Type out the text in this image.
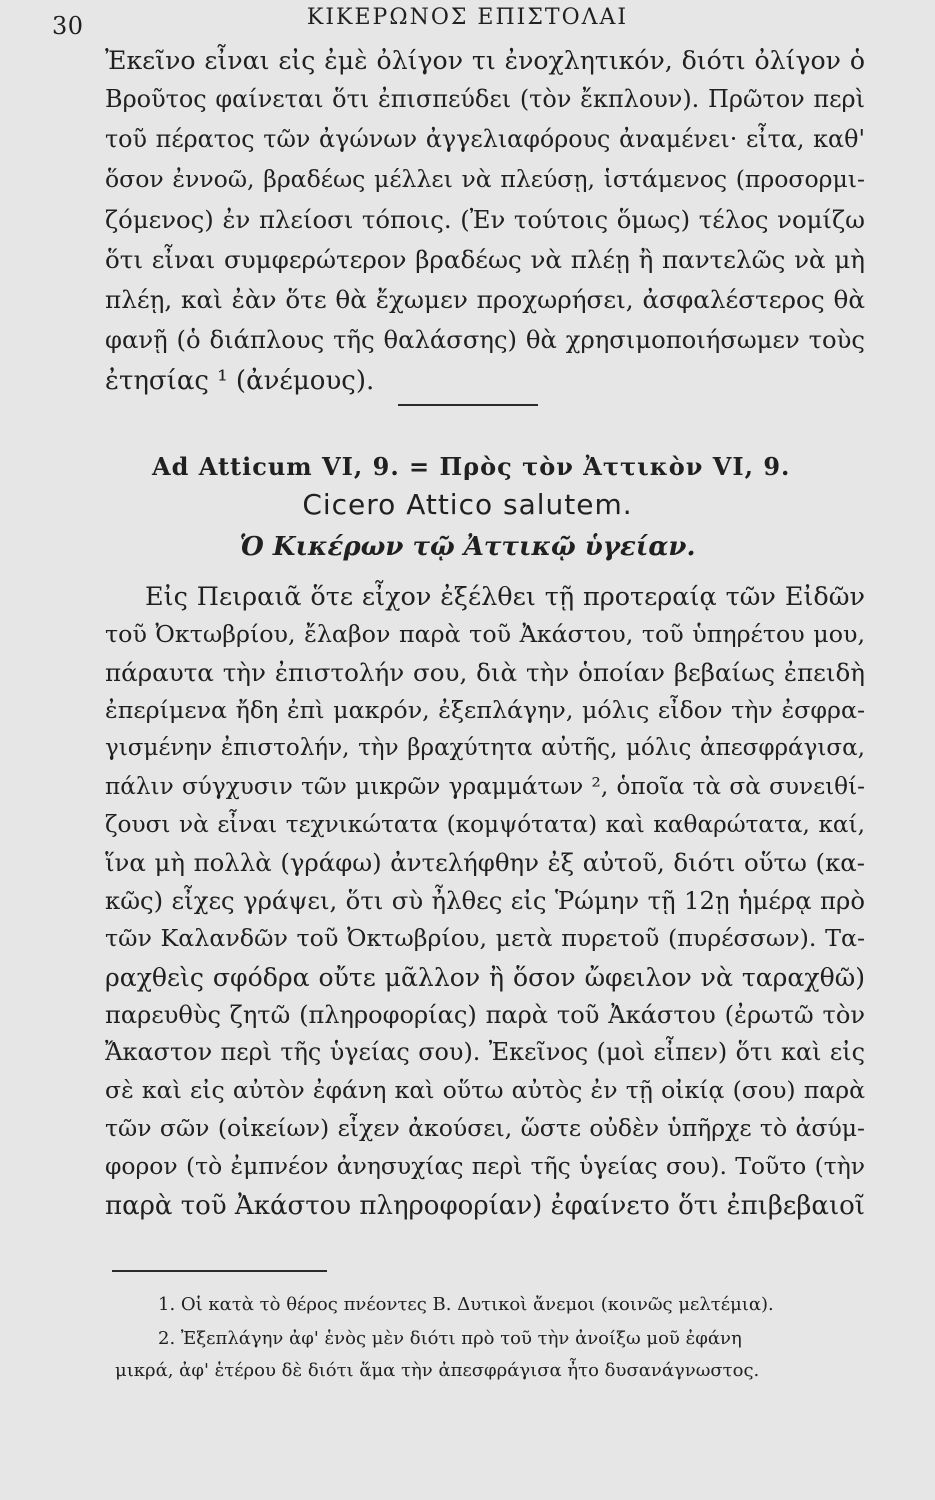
30	ΚΙΚΕΡΩΝΟΣ ΕΠΙΣΤΟΛΑΙ
Ἐκεῖνο εἶναι εἰς ἐμὲ ὀλίγον τι ἐνοχλητικόν, διότι ὀλίγον ὁ
Βροῦτος φαίνεται ὅτι ἐπισπεύδει (τὸν ἔκπλουν). Πρῶτον περὶ
τοῦ πέρατος τῶν ἀγώνων ἀγγελιαφόρους ἀναμένει· εἶτα, καθ'
ὅσον ἐννοῶ, βραδέως μέλλει νὰ πλεύσῃ, ἱστάμενος (προσορμι-
ζόμενος) ἐν πλείοσι τόποις. (Ἐν τούτοις ὅμως) τέλος νομίζω
ὅτι εἶναι συμφερώτερον βραδέως νὰ πλέῃ ἢ παντελῶς νὰ μὴ
πλέῃ, καὶ ἐὰν ὅτε θὰ ἔχωμεν προχωρήσει, ἀσφαλέστερος θὰ
φανῇ (ὁ διάπλους τῆς θαλάσσης) θὰ χρησιμοποιήσωμεν τοὺς
ἐτησίας ¹ (ἀνέμους).
Ad Atticum VI, 9. = Πρὸς τὸν Ἀττικὸν VI, 9.
Cicero Attico salutem.
Ὁ Κικέρων τῷ Ἀττικῷ ὑγείαν.
Εἰς Πειραιᾶ ὅτε εἶχον ἐξέλθει τῇ προτεραίᾳ τῶν Εἰδῶν
τοῦ Ὀκτωβρίου, ἔλαβον παρὰ τοῦ Ἀκάστου, τοῦ ὑπηρέτου μου,
πάραυτα τὴν ἐπιστολήν σου, διὰ τὴν ὁποίαν βεβαίως ἐπειδὴ
ἐπερίμενα ἤδη ἐπὶ μακρόν, ἐξεπλάγην, μόλις εἶδον τὴν ἐσφρα-
γισμένην ἐπιστολήν, τὴν βραχύτητα αὐτῆς, μόλις ἀπεσφράγισα,
πάλιν σύγχυσιν τῶν μικρῶν γραμμάτων ², ὁποῖα τὰ σὰ συνειθί-
ζουσι νὰ εἶναι τεχνικώτατα (κομψότατα) καὶ καθαρώτατα, καί,
ἵνα μὴ πολλὰ (γράφω) ἀντελήφθην ἐξ αὐτοῦ, διότι οὕτω (κα-
κῶς) εἶχες γράψει, ὅτι σὺ ἦλθες εἰς Ῥώμην τῇ 12ῃ ἡμέρᾳ πρὸ
τῶν Καλανδῶν τοῦ Ὀκτωβρίου, μετὰ πυρετοῦ (πυρέσσων). Τα-
ραχθεὶς σφόδρα οὔτε μᾶλλον ἢ ὅσον ὤφειλον νὰ ταραχθῶ)
παρευθὺς ζητῶ (πληροφορίας) παρὰ τοῦ Ἀκάστου (ἐρωτῶ τὸν
Ἄκαστον περὶ τῆς ὑγείας σου). Ἐκεῖνος (μοὶ εἶπεν) ὅτι καὶ εἰς
σὲ καὶ εἰς αὐτὸν ἐφάνη καὶ οὕτω αὐτὸς ἐν τῇ οἰκίᾳ (σου) παρὰ
τῶν σῶν (οἰκείων) εἶχεν ἀκούσει, ὥστε οὐδὲν ὑπῆρχε τὸ ἀσύμ-
φορον (τὸ ἐμπνέον ἀνησυχίας περὶ τῆς ὑγείας σου). Τοῦτο (τὴν
παρὰ τοῦ Ἀκάστου πληροφορίαν) ἐφαίνετο ὅτι ἐπιβεβαιοῖ
1. Οἱ κατὰ τὸ θέρος πνέοντες Β. Δυτικοὶ ἄνεμοι (κοινῶς μελτέμια).
2. Ἐξεπλάγην ἀφ' ἑνὸς μὲν διότι πρὸ τοῦ τὴν ἀνοίξω μοῦ ἐφάνη
μικρά, ἀφ' ἑτέρου δὲ διότι ἅμα τὴν ἀπεσφράγισα ἦτο δυσανάγνωστος.
